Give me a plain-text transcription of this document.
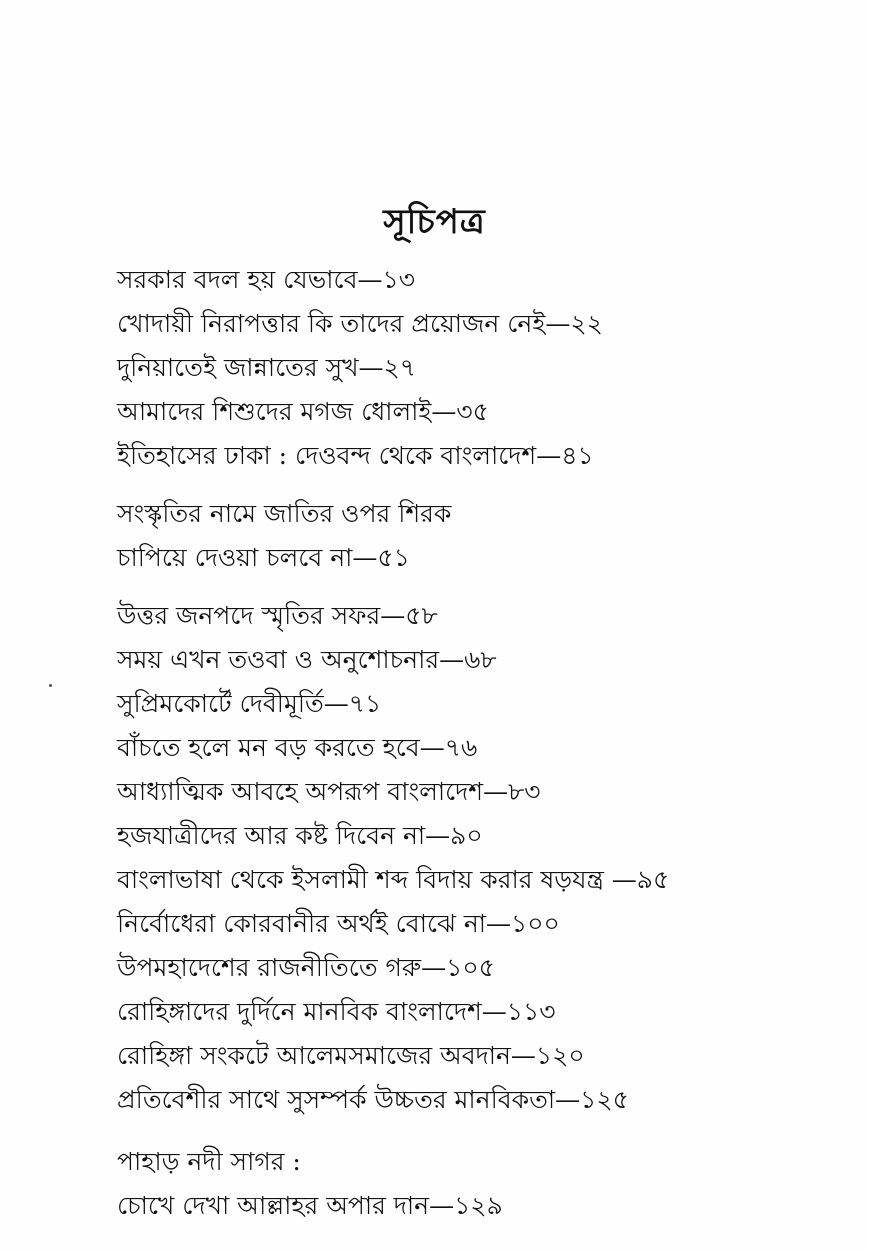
সূচিপত্র
সরকার বদল হয় যেভাবে—১৩
খোদায়ী নিরাপত্তার কি তাদের প্রয়োজন নেই—২২
দুনিয়াতেই জান্নাতের সুখ—২৭
আমাদের শিশুদের মগজ ধোলাই—৩৫
ইতিহাসের ঢাকা : দেওবন্দ থেকে বাংলাদেশ—৪১
সংস্কৃতির নামে জাতির ওপর শিরক
চাপিয়ে দেওয়া চলবে না—৫১
উত্তর জনপদে স্মৃতির সফর—৫৮
সময় এখন তওবা ও অনুশোচনার—৬৮
সুপ্রিমকোর্টে দেবীমূর্তি—৭১
বাঁচতে হলে মন বড় করতে হবে—৭৬
আধ্যাত্মিক আবহে অপরূপ বাংলাদেশ—৮৩
হজযাত্রীদের আর কষ্ট দিবেন না—৯০
বাংলাভাষা থেকে ইসলামী শব্দ বিদায় করার ষড়যন্ত্র —৯৫
নির্বোধেরা কোরবানীর অর্থই বোঝে না—১০০
উপমহাদেশের রাজনীতিতে গরু—১০৫
রোহিঙ্গাদের দুর্দিনে মানবিক বাংলাদেশ—১১৩
রোহিঙ্গা সংকটে আলেমসমাজের অবদান—১২০
প্রতিবেশীর সাথে সুসম্পর্ক উচ্চতর মানবিকতা—১২৫
পাহাড় নদী সাগর :
চোখে দেখা আল্লাহর অপার দান—১২৯
